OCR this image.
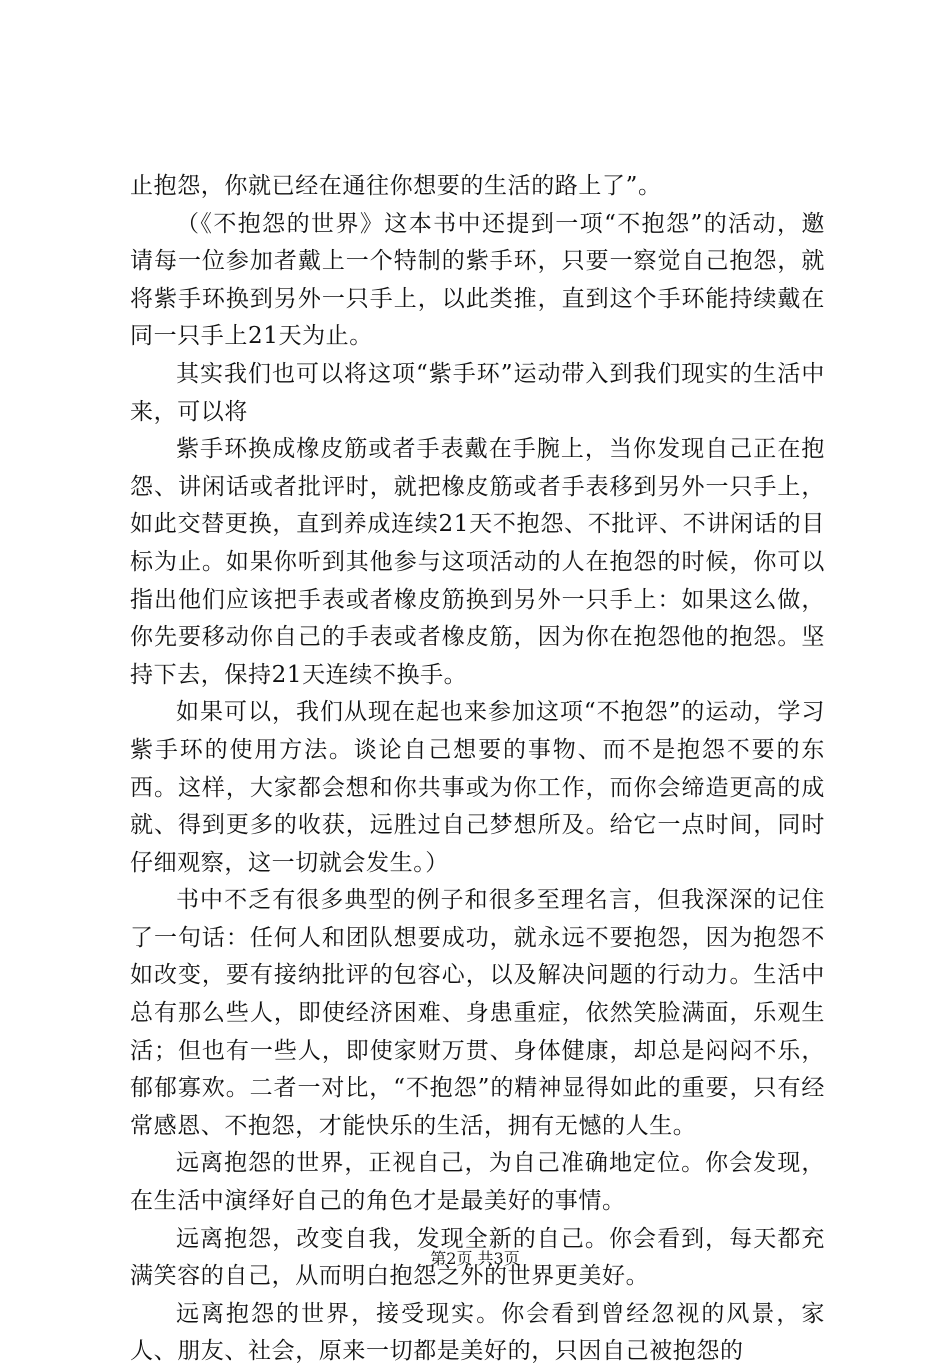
止抱怨，你就已经在通往你想要的生活的路上了”。

（《不抱怨的世界》这本书中还提到一项“不抱怨”的活动，邀请每一位参加者戴上一个特制的紫手环，只要一察觉自己抱怨，就将紫手环换到另外一只手上，以此类推，直到这个手环能持续戴在同一只手上21天为止。

其实我们也可以将这项“紫手环”运动带入到我们现实的生活中来，可以将

紫手环换成橡皮筋或者手表戴在手腕上，当你发现自己正在抱怨、讲闲话或者批评时，就把橡皮筋或者手表移到另外一只手上，如此交替更换，直到养成连续21天不抱怨、不批评、不讲闲话的目标为止。如果你听到其他参与这项活动的人在抱怨的时候，你可以指出他们应该把手表或者橡皮筋换到另外一只手上：如果这么做，你先要移动你自己的手表或者橡皮筋，因为你在抱怨他的抱怨。坚持下去，保持21天连续不换手。

如果可以，我们从现在起也来参加这项“不抱怨”的运动，学习紫手环的使用方法。谈论自己想要的事物、而不是抱怨不要的东西。这样，大家都会想和你共事或为你工作，而你会缔造更高的成就、得到更多的收获，远胜过自己梦想所及。给它一点时间，同时仔细观察，这一切就会发生。）

书中不乏有很多典型的例子和很多至理名言，但我深深的记住了一句话：任何人和团队想要成功，就永远不要抱怨，因为抱怨不如改变，要有接纳批评的包容心，以及解决问题的行动力。生活中总有那么些人，即使经济困难、身患重症，依然笑脸满面，乐观生活；但也有一些人，即使家财万贯、身体健康，却总是闷闷不乐，郁郁寡欢。二者一对比，“不抱怨”的精神显得如此的重要，只有经常感恩、不抱怨，才能快乐的生活，拥有无憾的人生。

远离抱怨的世界，正视自己，为自己准确地定位。你会发现，在生活中演绎好自己的角色才是最美好的事情。

远离抱怨，改变自我，发现全新的自己。你会看到，每天都充满笑容的自己，从而明白抱怨之外的世界更美好。

远离抱怨的世界，接受现实。你会看到曾经忽视的风景，家人、朋友、社会，原来一切都是美好的，只因自己被抱怨的

第2页 共3页
